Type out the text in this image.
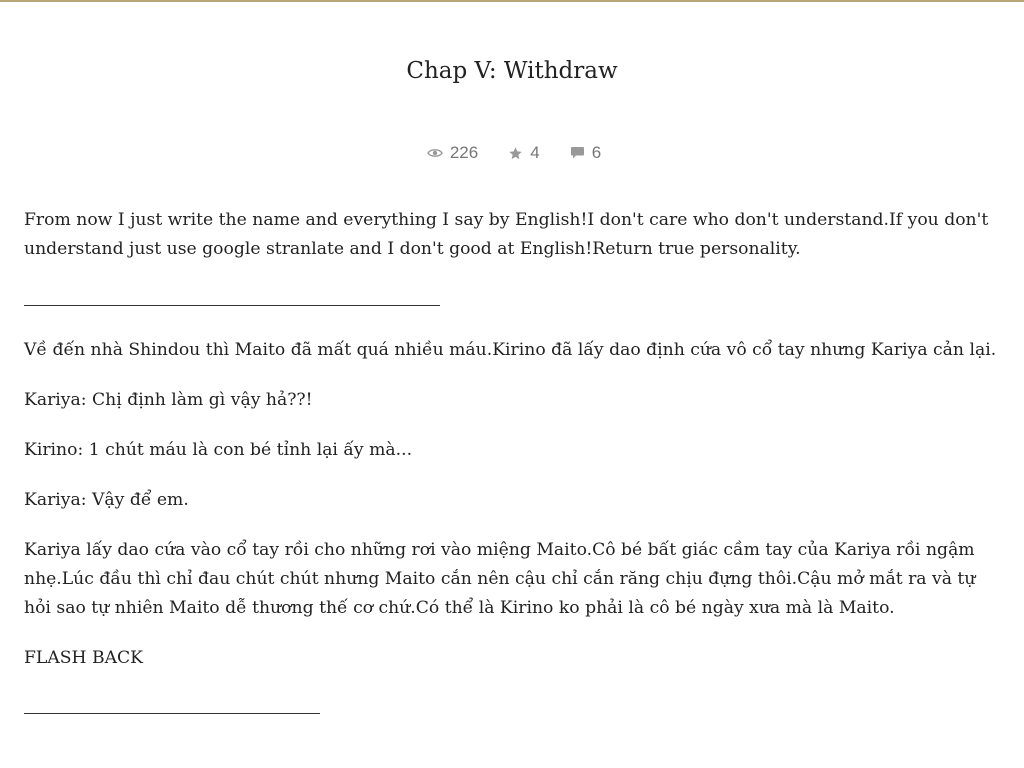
Chap V: Withdraw
226	4	6

From now I just write the name and everything I say by English!I don't care who don't understand.If you don't understand just use google stranlate and I don't good at English!Return true personality.

Về đến nhà Shindou thì Maito đã mất quá nhiều máu.Kirino đã lấy dao định cứa vô cổ tay nhưng Kariya cản lại.

Kariya: Chị định làm gì vậy hả??!

Kirino: 1 chút máu là con bé tỉnh lại ấy mà...

Kariya: Vậy để em.

Kariya lấy dao cứa vào cổ tay rồi cho những rơi vào miệng Maito.Cô bé bất giác cầm tay của Kariya rồi ngậm nhẹ.Lúc đầu thì chỉ đau chút chút nhưng Maito cắn nên cậu chỉ cắn răng chịu đựng thôi.Cậu mở mắt ra và tự hỏi sao tự nhiên Maito dễ thương thế cơ chứ.Có thể là Kirino ko phải là cô bé ngày xưa mà là Maito.

FLASH BACK
